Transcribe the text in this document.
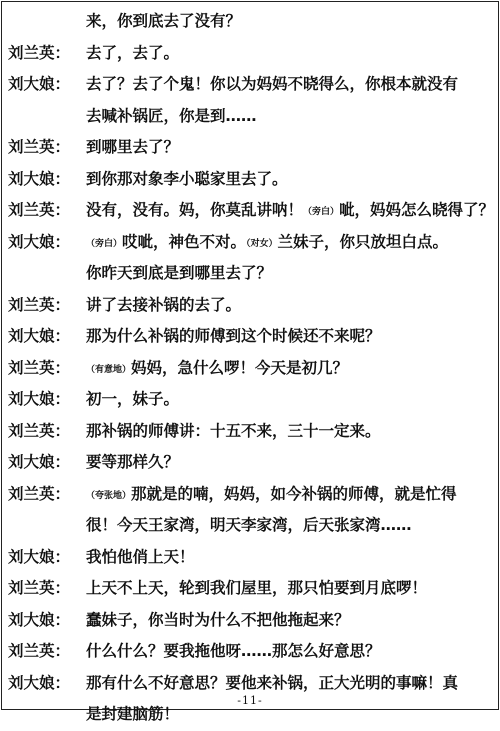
来，你到底去了没有？
刘兰英：	去了，去了。
刘大娘：	去了？去了个鬼！你以为妈妈不晓得么，你根本就没有
去喊补锅匠，你是到……
刘兰英：	到哪里去了？
刘大娘：	到你那对象李小聪家里去了。
刘兰英：	没有，没有。妈，你莫乱讲呐！（旁白）呲，妈妈怎么晓得了？
刘大娘：	（旁白）哎呲，神色不对。（对女）兰妹子，你只放坦白点。
你昨天到底是到哪里去了？
刘兰英：	讲了去接补锅的去了。
刘大娘：	那为什么补锅的师傅到这个时候还不来呢？
刘兰英：	（有意地）妈妈，急什么啰！今天是初几？
刘大娘：	初一，妹子。
刘兰英：	那补锅的师傅讲：十五不来，三十一定来。
刘大娘：	要等那样久？
刘兰英：	（夸张地）那就是的喃，妈妈，如今补锅的师傅，就是忙得
很！今天王家湾，明天李家湾，后天张家湾……
刘大娘：	我怕他俏上天！
刘兰英：	上天不上天，轮到我们屋里，那只怕要到月底啰！
刘大娘：	蠢妹子，你当时为什么不把他拖起来？
刘兰英：	什么什么？要我拖他呀……那怎么好意思？
刘大娘：	那有什么不好意思？要他来补锅，正大光明的事嘛！真
是封建脑筋！
-11-
